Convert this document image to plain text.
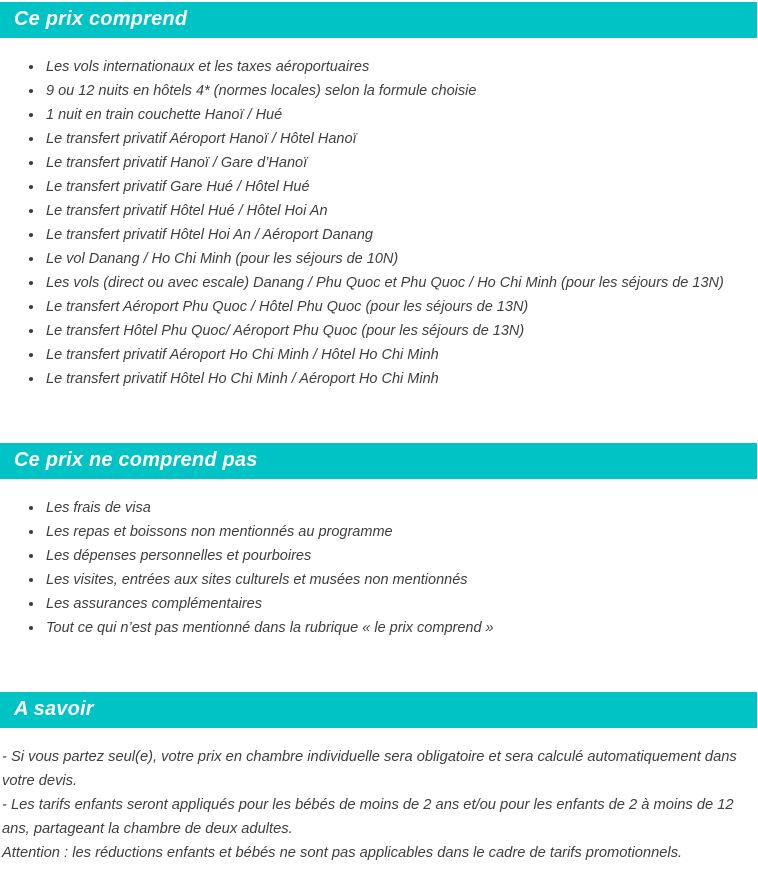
Ce prix comprend
• Les vols internationaux et les taxes aéroportuaires
• 9 ou 12 nuits en hôtels 4* (normes locales) selon la formule choisie
• 1 nuit en train couchette Hanoï / Hué
• Le transfert privatif Aéroport Hanoï / Hôtel Hanoï
• Le transfert privatif Hanoï / Gare d’Hanoï
• Le transfert privatif Gare Hué / Hôtel Hué
• Le transfert privatif Hôtel Hué / Hôtel Hoi An
• Le transfert privatif Hôtel Hoi An / Aéroport Danang
• Le vol Danang / Ho Chi Minh (pour les séjours de 10N)
• Les vols (direct ou avec escale) Danang / Phu Quoc et Phu Quoc / Ho Chi Minh (pour les séjours de 13N)
• Le transfert Aéroport Phu Quoc / Hôtel Phu Quoc (pour les séjours de 13N)
• Le transfert Hôtel Phu Quoc/ Aéroport Phu Quoc (pour les séjours de 13N)
• Le transfert privatif Aéroport Ho Chi Minh / Hôtel Ho Chi Minh
• Le transfert privatif Hôtel Ho Chi Minh / Aéroport Ho Chi Minh
Ce prix ne comprend pas
• Les frais de visa
• Les repas et boissons non mentionnés au programme
• Les dépenses personnelles et pourboires
• Les visites, entrées aux sites culturels et musées non mentionnés
• Les assurances complémentaires
• Tout ce qui n’est pas mentionné dans la rubrique « le prix comprend »
A savoir

- Si vous partez seul(e), votre prix en chambre individuelle sera obligatoire et sera calculé automatiquement dans votre devis.

- Les tarifs enfants seront appliqués pour les bébés de moins de 2 ans et/ou pour les enfants de 2 à moins de 12 ans, partageant la chambre de deux adultes.

Attention : les réductions enfants et bébés ne sont pas applicables dans le cadre de tarifs promotionnels.
